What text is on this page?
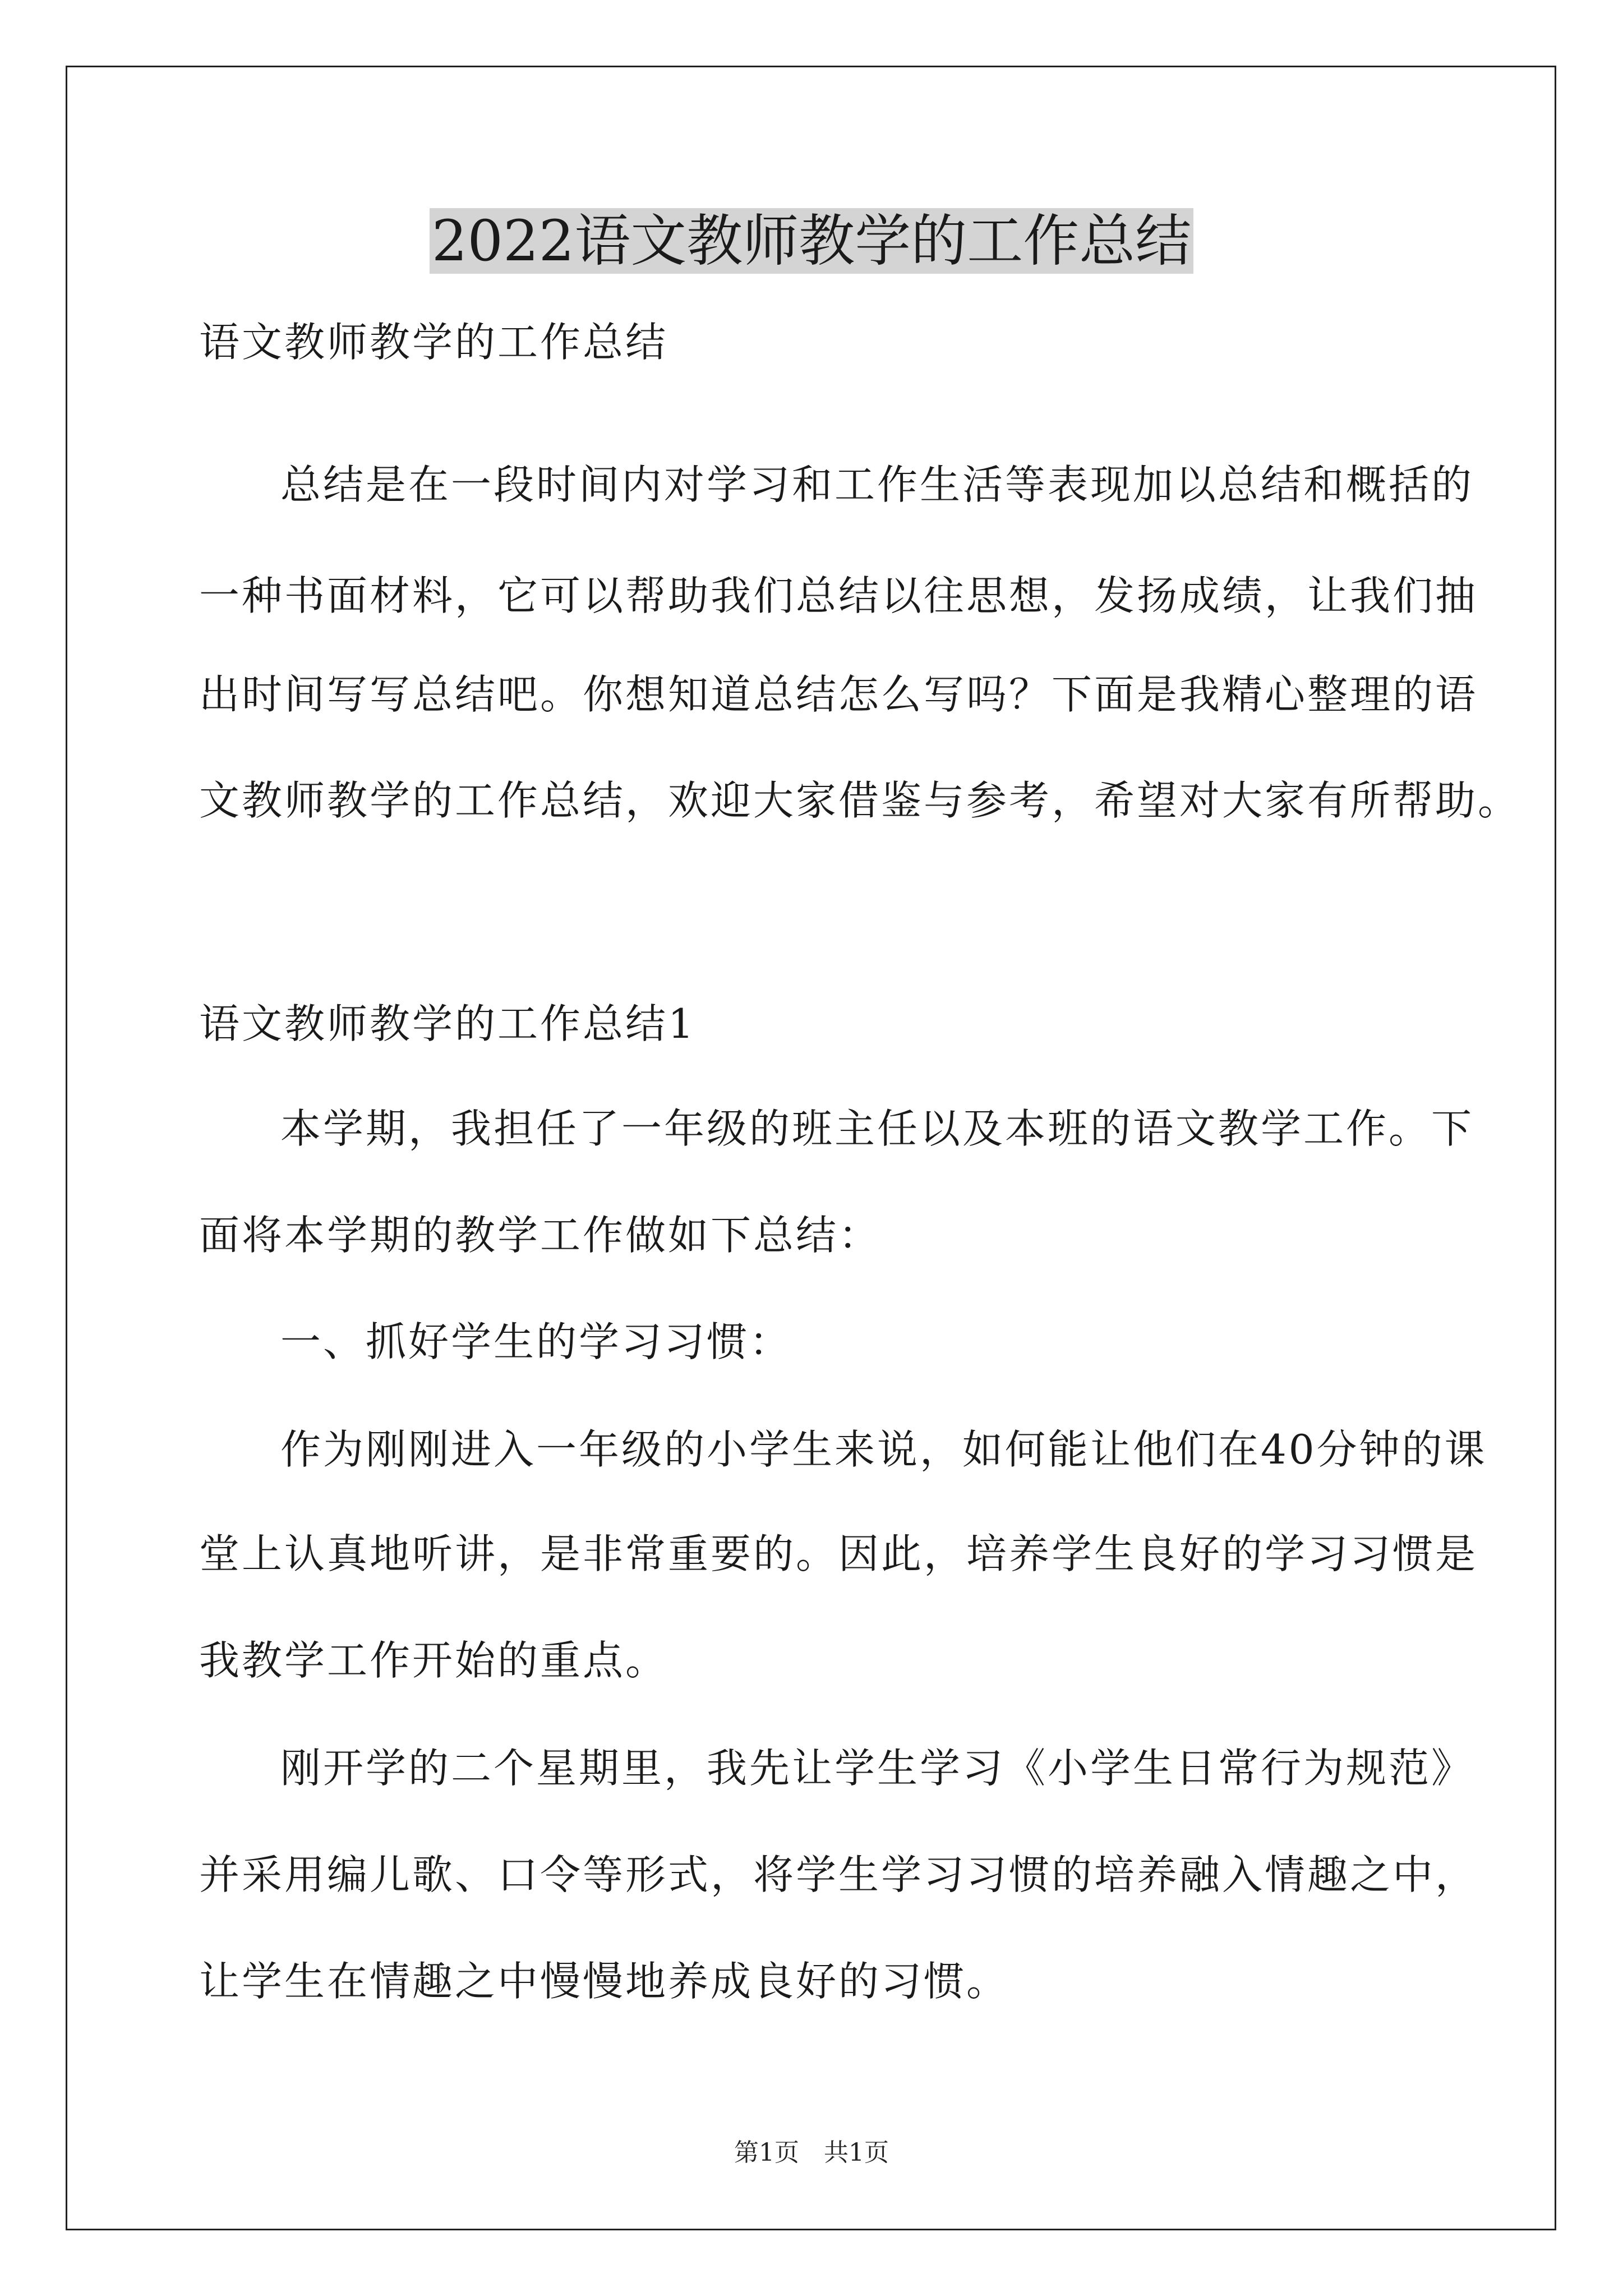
2022语文教师教学的工作总结
语文教师教学的工作总结
总结是在一段时间内对学习和工作生活等表现加以总结和概括的
一种书面材料，它可以帮助我们总结以往思想，发扬成绩，让我们抽
出时间写写总结吧。你想知道总结怎么写吗？下面是我精心整理的语
文教师教学的工作总结，欢迎大家借鉴与参考，希望对大家有所帮助。
语文教师教学的工作总结1
本学期，我担任了一年级的班主任以及本班的语文教学工作。下
面将本学期的教学工作做如下总结：
一、抓好学生的学习习惯：
作为刚刚进入一年级的小学生来说，如何能让他们在40分钟的课
堂上认真地听讲，是非常重要的。因此，培养学生良好的学习习惯是
我教学工作开始的重点。
刚开学的二个星期里，我先让学生学习《小学生日常行为规范》
并采用编儿歌、口令等形式，将学生学习习惯的培养融入情趣之中，
让学生在情趣之中慢慢地养成良好的习惯。
第1页　共1页
